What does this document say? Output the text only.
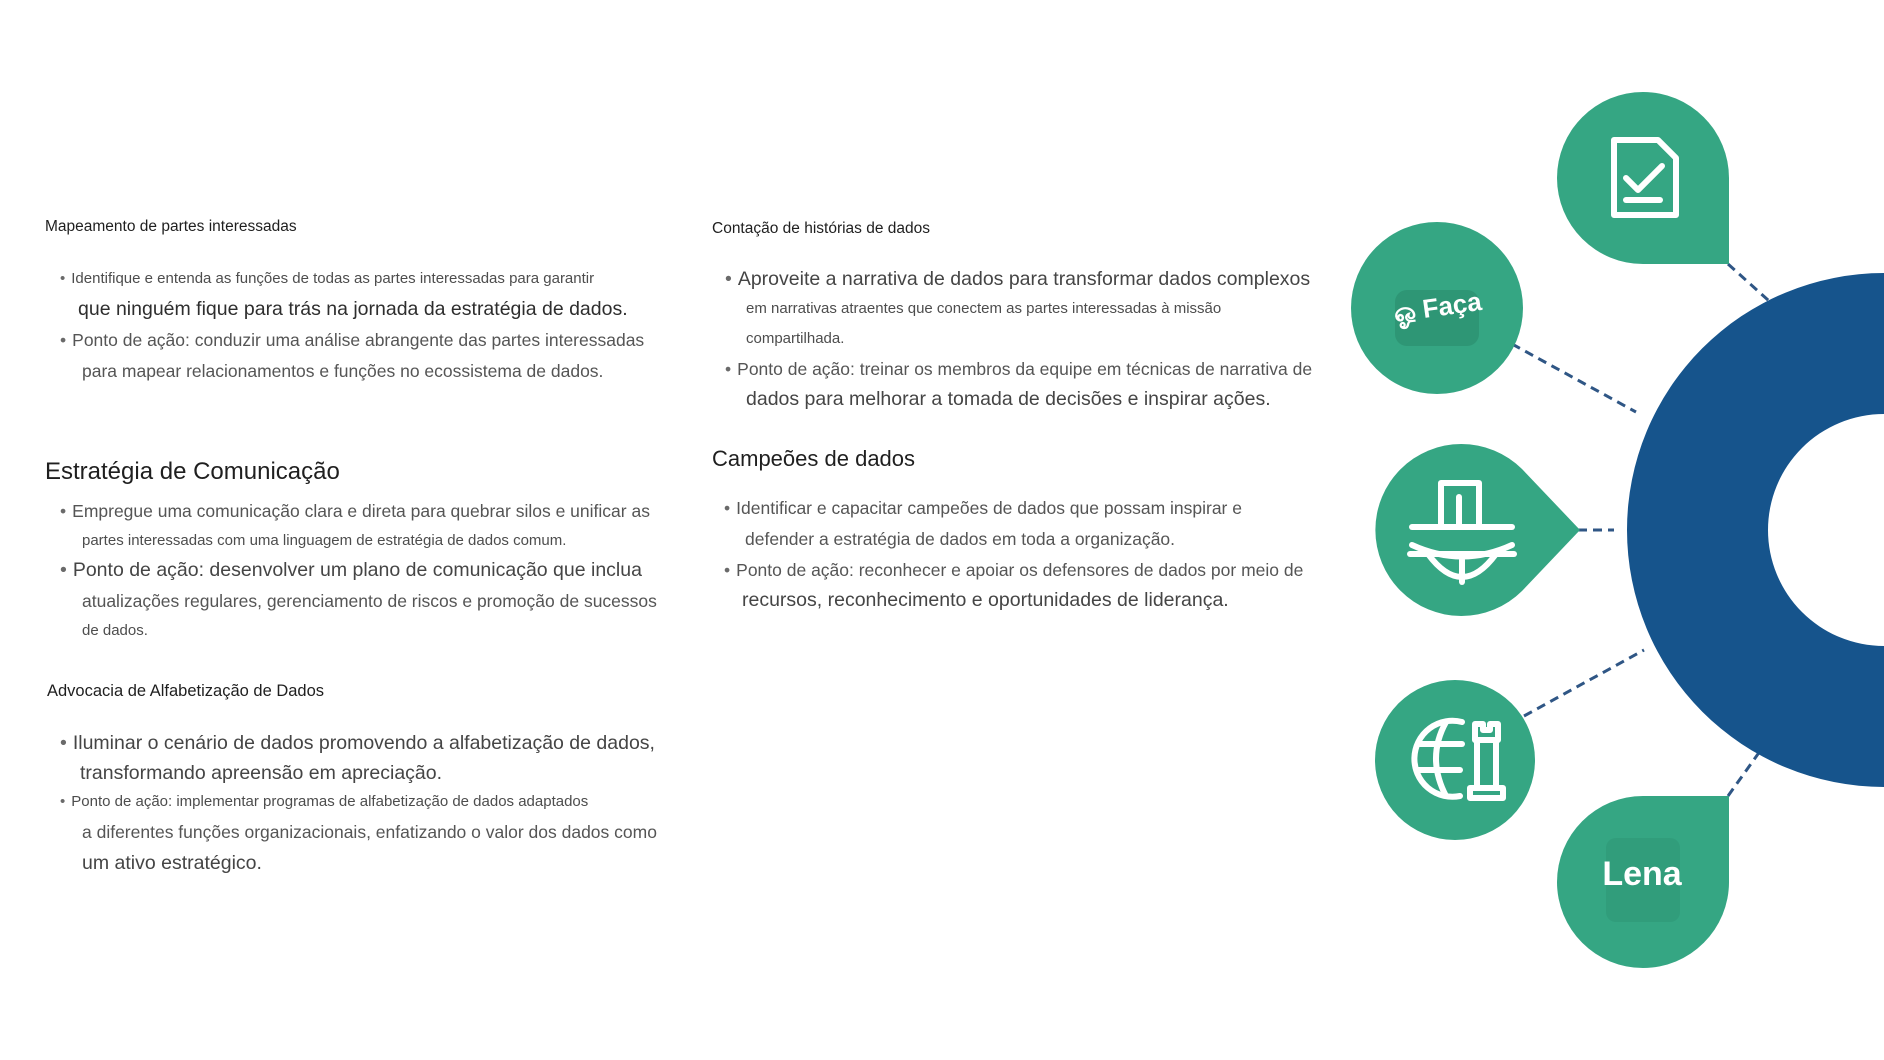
Mapeamento de partes interessadas

• Identifique e entenda as funções de todas as partes interessadas para garantir
que ninguém fique para trás na jornada da estratégia de dados.
• Ponto de ação: conduzir uma análise abrangente das partes interessadas
para mapear relacionamentos e funções no ecossistema de dados.
Estratégia de Comunicação
• Empregue uma comunicação clara e direta para quebrar silos e unificar as
partes interessadas com uma linguagem de estratégia de dados comum.
• Ponto de ação: desenvolver um plano de comunicação que inclua
atualizações regulares, gerenciamento de riscos e promoção de sucessos
de dados.

Advocacia de Alfabetização de Dados

• Iluminar o cenário de dados promovendo a alfabetização de dados,
transformando apreensão em apreciação.
• Ponto de ação: implementar programas de alfabetização de dados adaptados
a diferentes funções organizacionais, enfatizando o valor dos dados como
um ativo estratégico.

Contação de histórias de dados

• Aproveite a narrativa de dados para transformar dados complexos
em narrativas atraentes que conectem as partes interessadas à missão
compartilhada.
• Ponto de ação: treinar os membros da equipe em técnicas de narrativa de
dados para melhorar a tomada de decisões e inspirar ações.
Campeões de dados
• Identificar e capacitar campeões de dados que possam inspirar e
defender a estratégia de dados em toda a organização.
• Ponto de ação: reconhecer e apoiar os defensores de dados por meio de
recursos, reconhecimento e oportunidades de liderança.
ஓ Faça
Lena
